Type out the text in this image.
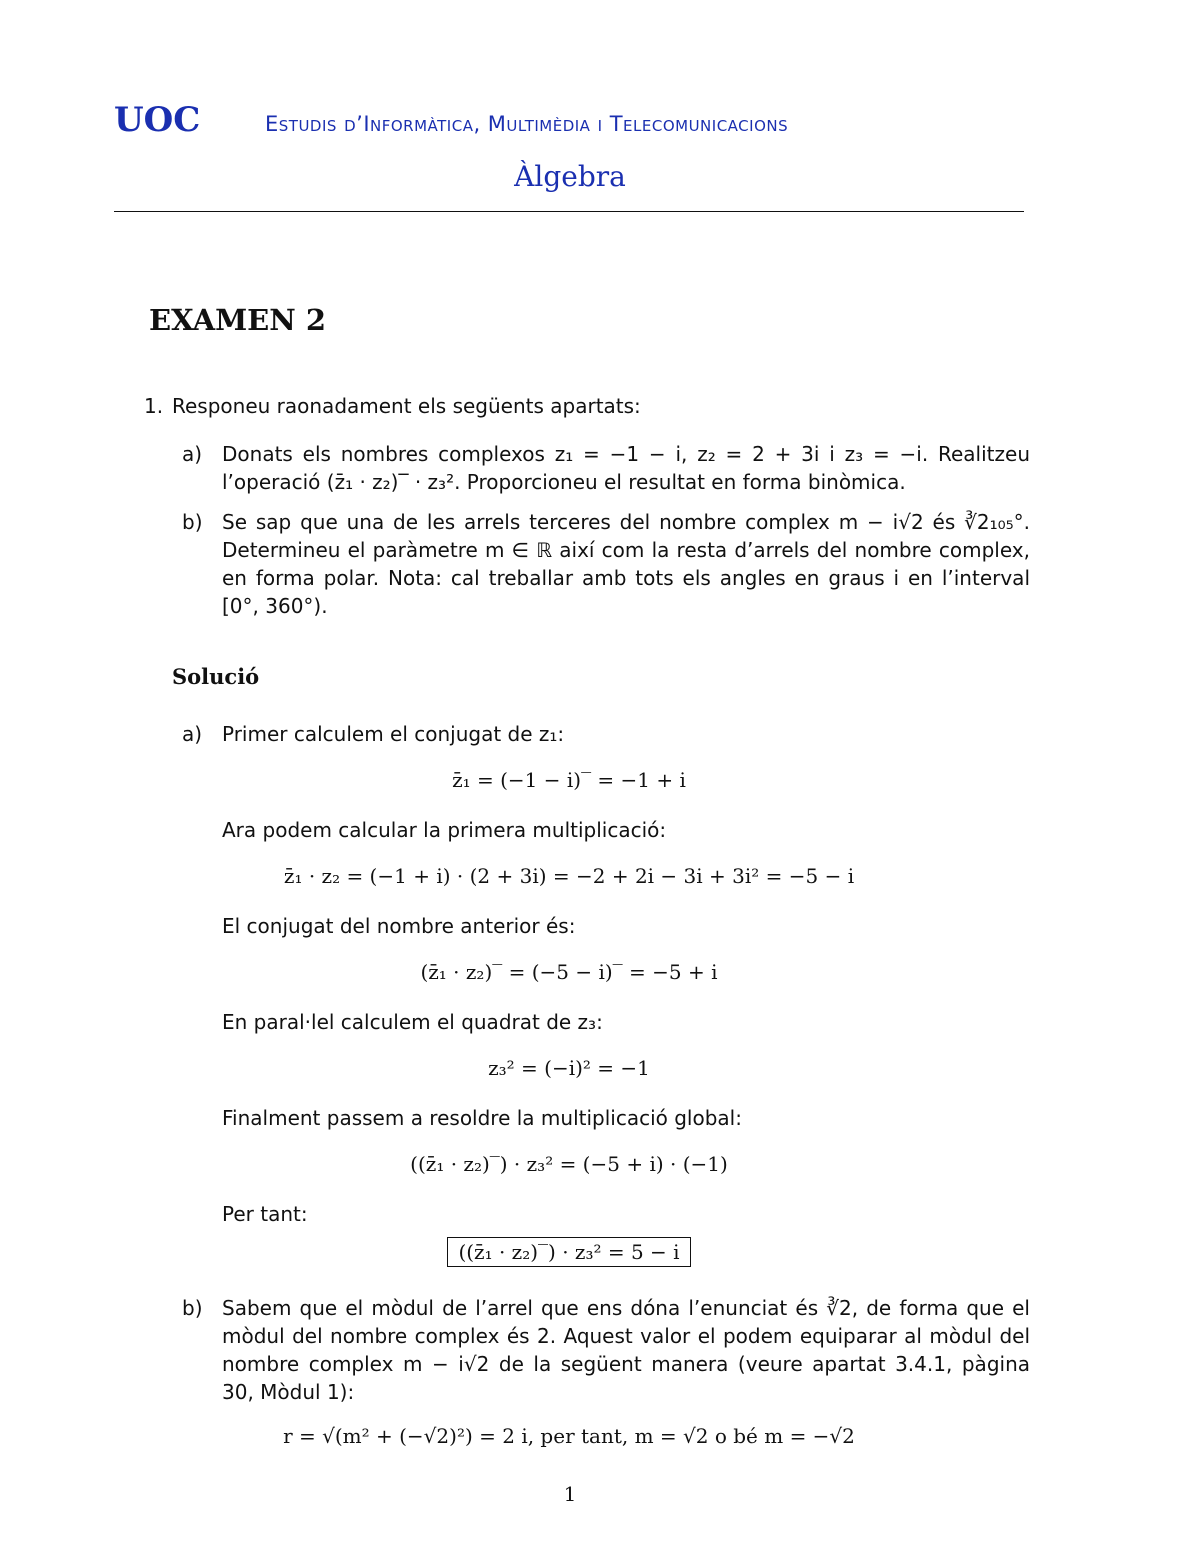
UOC	Estudis d’Informàtica, Multimèdia i Telecomunicacions
Àlgebra
EXAMEN 2
1. Responeu raonadament els següents apartats:
a) Donats els nombres complexos z₁ = −1 − i, z₂ = 2 + 3i i z₃ = −i. Realitzeu l’operació (z̄₁ · z₂)‾ · z₃². Proporcioneu el resultat en forma binòmica.
b) Se sap que una de les arrels terceres del nombre complex m − i√2 és ∛2₁₀₅°. Determineu el paràmetre m ∈ ℝ així com la resta d’arrels del nombre complex, en forma polar. Nota: cal treballar amb tots els angles en graus i en l’interval [0°, 360°).
Solució
a) Primer calculem el conjugat de z₁:
z̄₁ = (−1 − i)‾ = −1 + i
Ara podem calcular la primera multiplicació:
z̄₁ · z₂ = (−1 + i) · (2 + 3i) = −2 + 2i − 3i + 3i² = −5 − i
El conjugat del nombre anterior és:
(z̄₁ · z₂)‾ = (−5 − i)‾ = −5 + i
En paral·lel calculem el quadrat de z₃:
z₃² = (−i)² = −1
Finalment passem a resoldre la multiplicació global:
((z̄₁ · z₂)‾) · z₃² = (−5 + i) · (−1)
Per tant:
((z̄₁ · z₂)‾) · z₃² = 5 − i
b) Sabem que el mòdul de l’arrel que ens dóna l’enunciat és ∛2, de forma que el mòdul del nombre complex és 2. Aquest valor el podem equiparar al mòdul del nombre complex m − i√2 de la següent manera (veure apartat 3.4.1, pàgina 30, Mòdul 1):
r = √(m² + (−√2)²) = 2 i, per tant, m = √2 o bé m = −√2
1
